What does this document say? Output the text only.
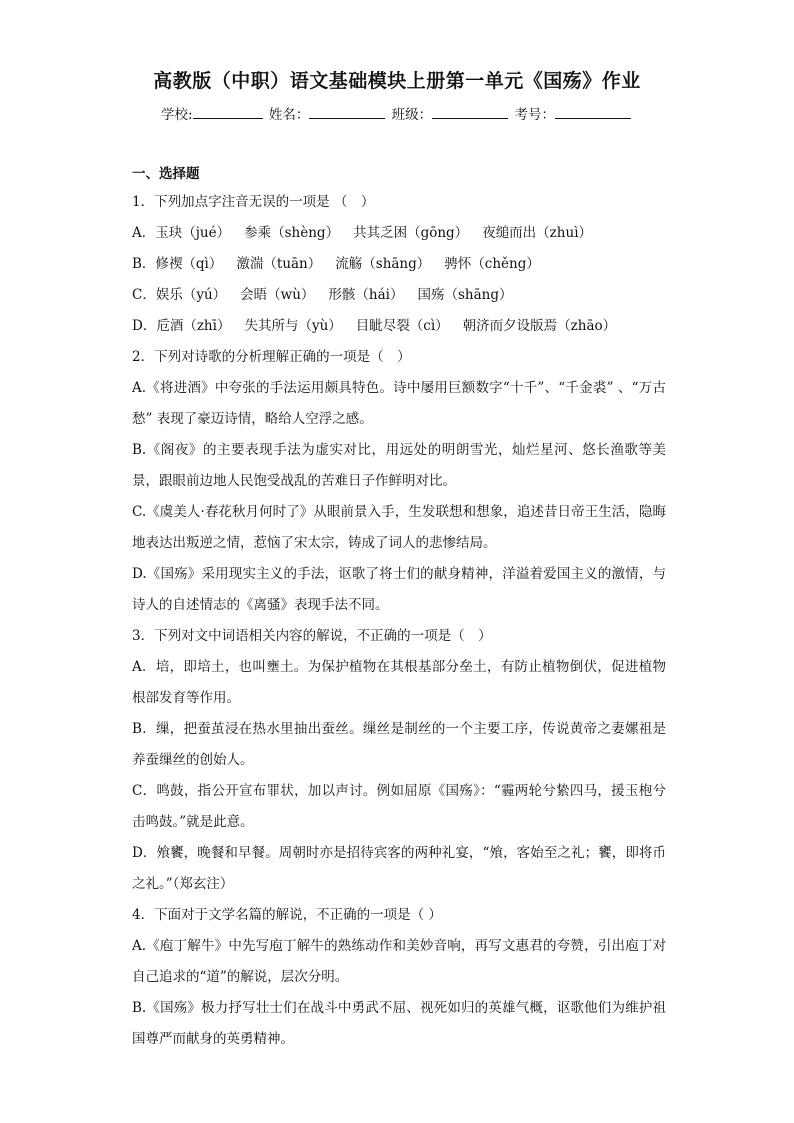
高教版（中职）语文基础模块上册第一单元《国殇》作业
学校:	姓名：	班级：	考号：
一、选择题
1．下列加点字注音无误的一项是 （　）
A．玉玦（jué） 参乘（shèng） 共其乏困（gōng） 夜缒而出（zhuì）
B．修禊（qì） 激湍（tuān） 流觞（shāng） 骋怀（chěng）
C．娱乐（yú） 会晤（wù） 形骸（hái） 国殇（shāng）
D．卮酒（zhī） 失其所与（yù） 目眦尽裂（cì） 朝济而夕设版焉（zhāo）
2．下列对诗歌的分析理解正确的一项是（　）
A.《将进酒》中夸张的手法运用颇具特色。诗中屡用巨额数字“十千”、“千金裘” 、“万古愁” 表现了豪迈诗情，略给人空浮之感。
B.《阁夜》的主要表现手法为虚实对比，用远处的明朗雪光，灿烂星河、悠长渔歌等美景，跟眼前边地人民饱受战乱的苦难日子作鲜明对比。
C.《虞美人·春花秋月何时了》从眼前景入手，生发联想和想象，追述昔日帝王生活，隐晦地表达出叛逆之情，惹恼了宋太宗，铸成了词人的悲惨结局。
D.《国殇》采用现实主义的手法，讴歌了将士们的献身精神，洋溢着爱国主义的激情，与诗人的自述情志的《离骚》表现手法不同。
3．下列对文中词语相关内容的解说，不正确的一项是（　）
A．培，即培土，也叫壅土。为保护植物在其根基部分垒土，有防止植物倒伏，促进植物根部发育等作用。
B．缫，把蚕茧浸在热水里抽出蚕丝。缫丝是制丝的一个主要工序，传说黄帝之妻嫘祖是养蚕缫丝的创始人。
C．鸣鼓，指公开宣布罪状，加以声讨。例如屈原《国殇》：“霾两轮兮絷四马，援玉枹兮击鸣鼓。”就是此意。
D．飧饔，晚餐和早餐。周朝时亦是招待宾客的两种礼宴，“飧，客始至之礼；饔，即将币之礼。”（郑玄注）
4．下面对于文学名篇的解说，不正确的一项是（ ）
A.《庖丁解牛》中先写庖丁解牛的熟练动作和美妙音响，再写文惠君的夸赞，引出庖丁对自己追求的“道”的解说，层次分明。
B.《国殇》极力抒写壮士们在战斗中勇武不屈、视死如归的英雄气概，讴歌他们为维护祖国尊严而献身的英勇精神。
